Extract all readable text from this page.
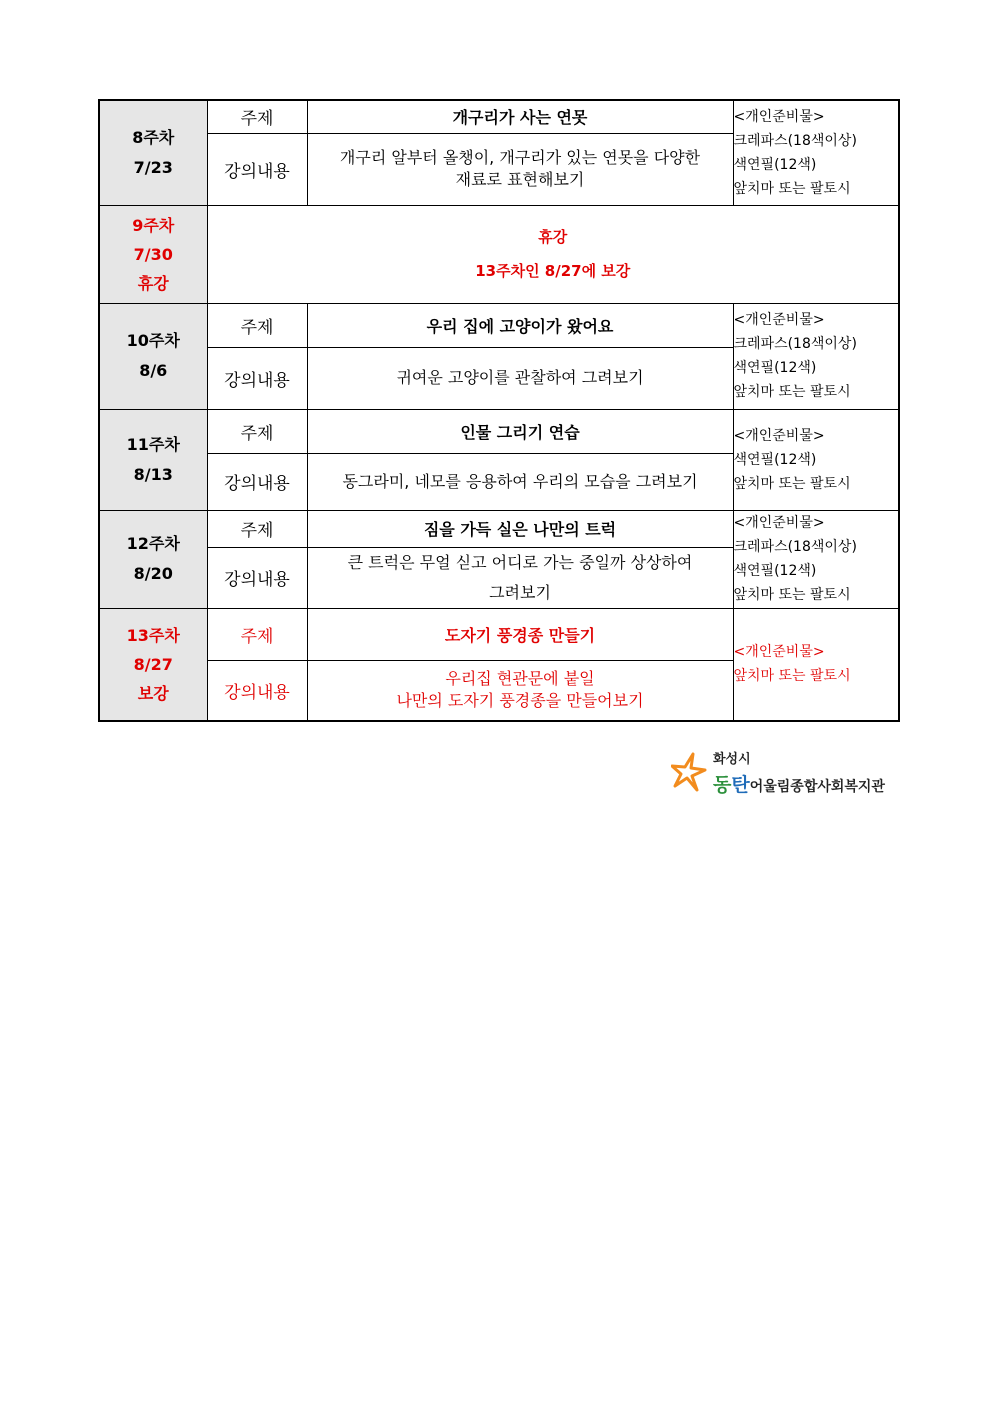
8주차
7/23	주제	개구리가 사는 연못	<개인준비물>
크레파스(18색이상)
색연필(12색)
앞치마 또는 팔토시

	강의내용	개구리 알부터 올챙이, 개구리가 있는 연못을 다양한
재료로 표현해보기	

9주차
7/30
휴강	휴강
13주차인 8/27에 보강		

10주차
8/6	주제	우리 집에 고양이가 왔어요	<개인준비물>
크레파스(18색이상)
색연필(12색)
앞치마 또는 팔토시

	강의내용	귀여운 고양이를 관찰하여 그려보기	

11주차
8/13	주제	인물 그리기 연습	<개인준비물>
색연필(12색)
앞치마 또는 팔토시

	강의내용	동그라미, 네모를 응용하여 우리의 모습을 그려보기	

12주차
8/20	주제	짐을 가득 실은 나만의 트럭	<개인준비물>
크레파스(18색이상)
색연필(12색)
앞치마 또는 팔토시

	강의내용	큰 트럭은 무얼 싣고 어디로 가는 중일까 상상하여
그려보기	

13주차
8/27
보강	주제	도자기 풍경종 만들기	<개인준비물>
앞치마 또는 팔토시

	강의내용	우리집 현관문에 붙일
나만의 도자기 풍경종을 만들어보기	
화성시
동탄어울림종합사회복지관
